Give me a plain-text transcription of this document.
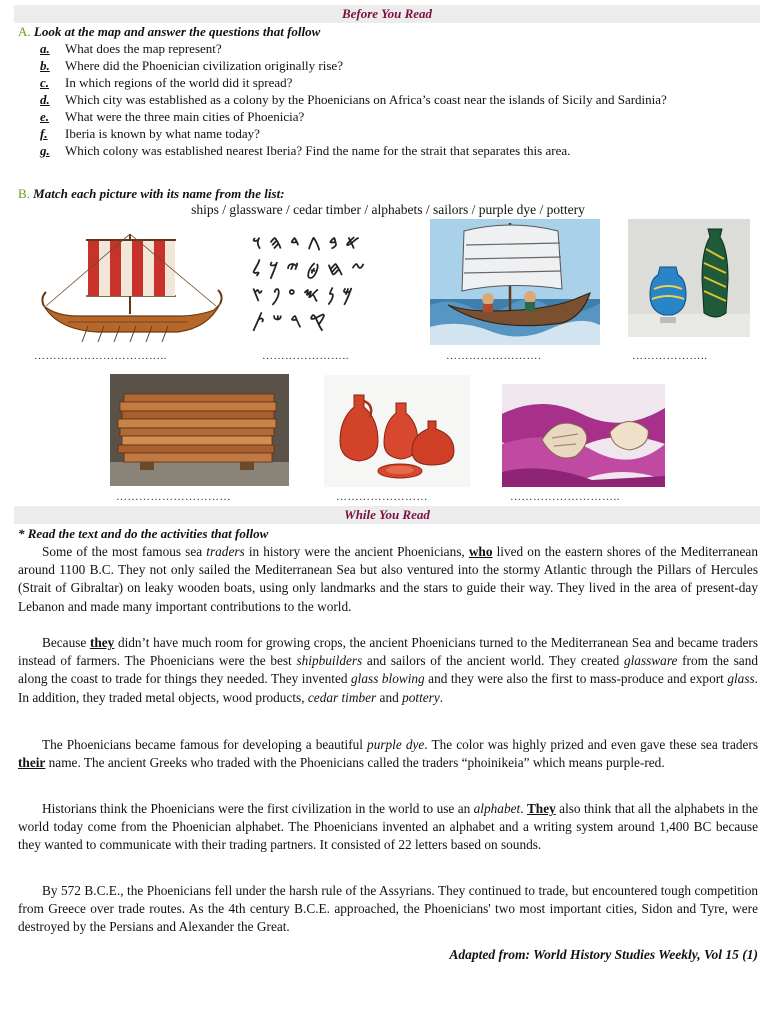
Before You Read
A. Look at the map and answer the questions that follow
a.	What does the map represent?
b.	Where did the Phoenician civilization originally rise?
c.	In which regions of the world did it spread?
d.	Which city was established as a colony by the Phoenicians on Africa’s coast near the islands of Sicily and Sardinia?
e.	What were the three main cities of Phoenicia?
f.	Iberia is known by what name today?
g.	Which colony was established nearest Iberia? Find the name for the strait that separates this area.
B. Match each picture with its name from the list:
ships / glassware / cedar timber / alphabets / sailors / purple dye / pottery
𐤀𐤁𐤂𐤃𐤄𐤅
𐤆𐤇𐤈𐤉𐤊𐤋
𐤌𐤍𐤎𐤏𐤐𐤑
𐤒𐤓𐤔𐤕
……………………………..	…………………..	…………………….	………………..
…………………………	……………………	………………………..
While You Read
* Read the text and do the activities that follow

Some of the most famous sea traders in history were the ancient Phoenicians, who lived on the eastern shores of the Mediterranean around 1100 B.C. They not only sailed the Mediterranean Sea but also ventured into the stormy Atlantic through the Pillars of Hercules (Strait of Gibraltar) on leaky wooden boats, using only landmarks and the stars to guide their way. They lived in the area of present-day Lebanon and made many important contributions to the world.

Because they didn’t have much room for growing crops, the ancient Phoenicians turned to the Mediterranean Sea and became traders instead of farmers. The Phoenicians were the best shipbuilders and sailors of the ancient world. They created glassware from the sand along the coast to trade for things they needed. They invented glass blowing and they were also the first to mass-produce and export glass. In addition, they traded metal objects, wood products, cedar timber and pottery.

The Phoenicians became famous for developing a beautiful purple dye. The color was highly prized and even gave these sea traders their name. The ancient Greeks who traded with the Phoenicians called the traders “phoinikeia” which means purple-red.

Historians think the Phoenicians were the first civilization in the world to use an alphabet. They also think that all the alphabets in the world today come from the Phoenician alphabet. The Phoenicians invented an alphabet and a writing system around 1,400 BC because they wanted to communicate with their trading partners. It consisted of 22 letters based on sounds.

By 572 B.C.E., the Phoenicians fell under the harsh rule of the Assyrians. They continued to trade, but encountered tough competition from Greece over trade routes. As the 4th century B.C.E. approached, the Phoenicians' two most important cities, Sidon and Tyre, were destroyed by the Persians and Alexander the Great.

Adapted from: World History Studies Weekly, Vol 15 (1)
